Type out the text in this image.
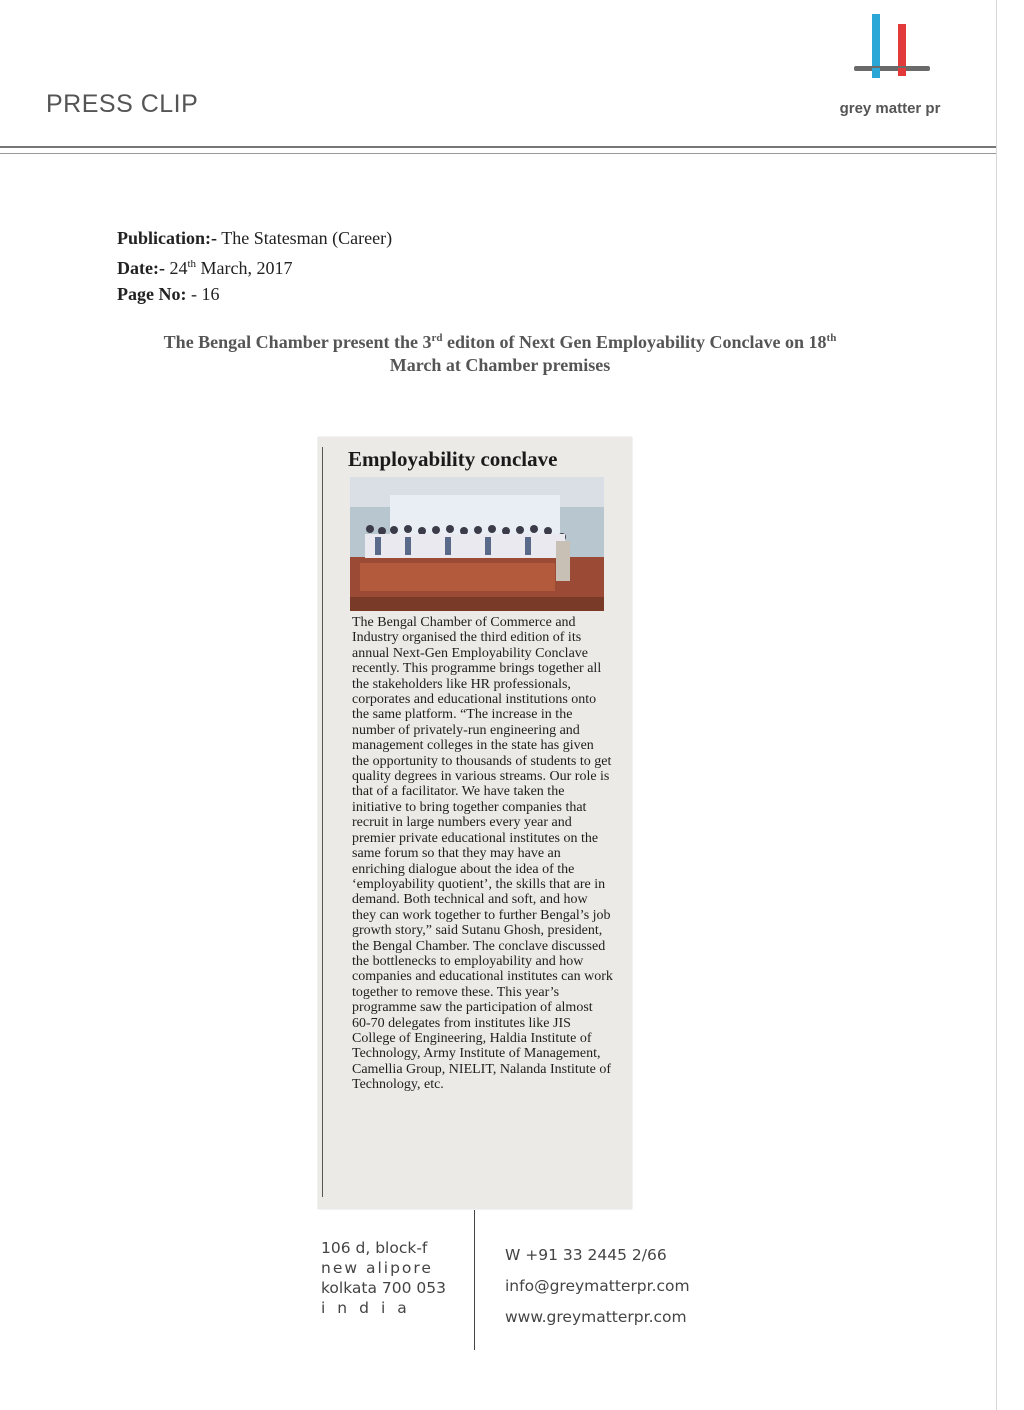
PRESS CLIP	grey matter pr
Publication:- The Statesman (Career)
Date:- 24th March, 2017
Page No: - 16
The Bengal Chamber present the 3rd editon of Next Gen Employability Conclave on 18th
March at Chamber premises
Employability conclave
The Bengal Chamber of Commerce and Industry organised the third edition of its annual Next-Gen Employability Conclave recently. This programme brings together all the stakeholders like HR professionals, corporates and educational institutions onto the same platform. “The increase in the number of privately-run engineering and management colleges in the state has given the opportunity to thousands of students to get quality degrees in various streams. Our role is that of a facilitator. We have taken the initiative to bring together companies that recruit in large numbers every year and premier private educational institutes on the same forum so that they may have an enriching dialogue about the idea of the ‘employability quotient’, the skills that are in demand. Both technical and soft, and how they can work together to further Bengal’s job growth story,” said Sutanu Ghosh, president, the Bengal Chamber. The conclave discussed the bottlenecks to employability and how companies and educational institutes can work together to remove these. This year’s programme saw the participation of almost 60-70 delegates from institutes like JIS College of Engineering, Haldia Institute of Technology, Army Institute of Management, Camellia Group, NIELIT, Nalanda Institute of Technology, etc.
106 d, block-f
new alipore
kolkata 700 053
india
W +91 33 2445 2/66
info@greymatterpr.com
www.greymatterpr.com
